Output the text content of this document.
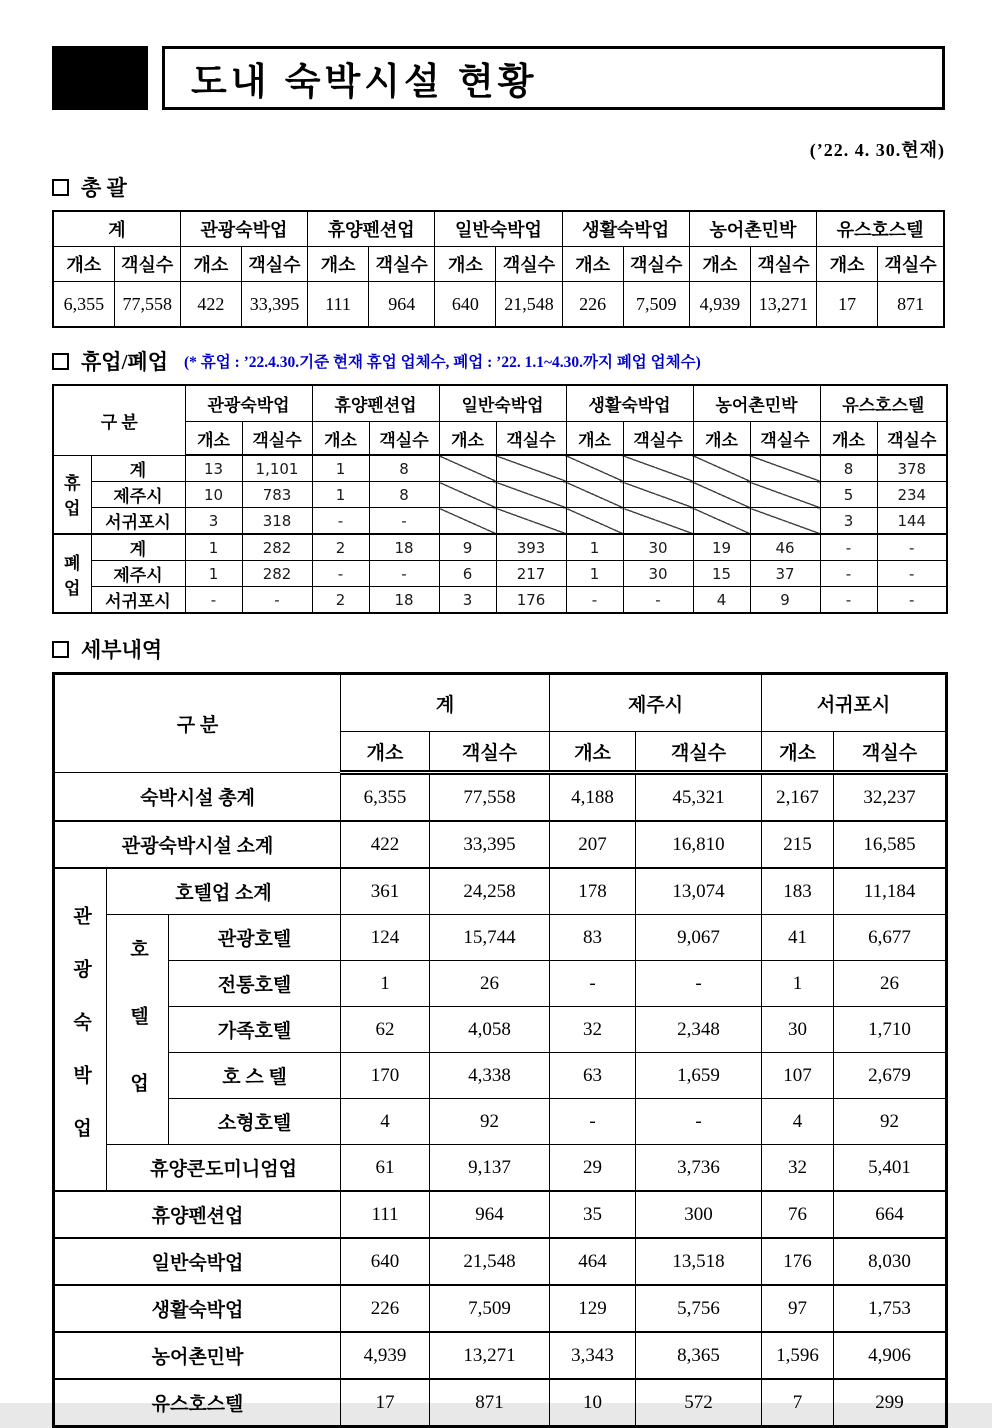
도내 숙박시설 현황
(’22. 4. 30.현재)
총 괄
계		관광숙박업		휴양펜션업		일반숙박업		생활숙박업		농어촌민박		유스호스텔	
개소	객실수	개소	객실수	개소	객실수	개소	객실수	개소	객실수	개소	객실수	개소	객실수
6,355	77,558	422	33,395	111	964	640	21,548	226	7,509	4,939	13,271	17	871
휴업/폐업 (* 휴업 : ’22.4.30.기준 현재 휴업 업체수, 폐업 : ’22. 1.1~4.30.까지 폐업 업체수)
구 분		관광숙박업		휴양펜션업		일반숙박업		생활숙박업		농어촌민박		유스호스텔	
		개소	객실수	개소	객실수	개소	객실수	개소	객실수	개소	객실수	개소	객실수
휴업	계	13	1,101	1	8							8	378
	제주시	10	783	1	8							5	234
	서귀포시	3	318	-	-							3	144
폐업	계	1	282	2	18	9	393	1	30	19	46	-	-
	제주시	1	282	-	-	6	217	1	30	15	37	-	-
	서귀포시	-	-	2	18	3	176	-	-	4	9	-	-
세부내역
구 분			계		제주시		서귀포시	
			개소	객실수	개소	객실수	개소	객실수
숙박시설 총계			6,355	77,558	4,188	45,321	2,167	32,237
관광숙박시설 소계			422	33,395	207	16,810	215	16,585

관광숙박업	호텔업 소계		361	24,258	178	13,074	183	11,184

	호텔업	관광호텔	124	15,744	83	9,067	41	6,677
		전통호텔	1	26	-	-	1	26
		가족호텔	62	4,058	32	2,348	30	1,710
		호 스 텔	170	4,338	63	1,659	107	2,679
		소형호텔	4	92	-	-	4	92
	휴양콘도미니엄업		61	9,137	29	3,736	32	5,401
휴양펜션업			111	964	35	300	76	664
일반숙박업			640	21,548	464	13,518	176	8,030
생활숙박업			226	7,509	129	5,756	97	1,753
농어촌민박			4,939	13,271	3,343	8,365	1,596	4,906
유스호스텔			17	871	10	572	7	299
